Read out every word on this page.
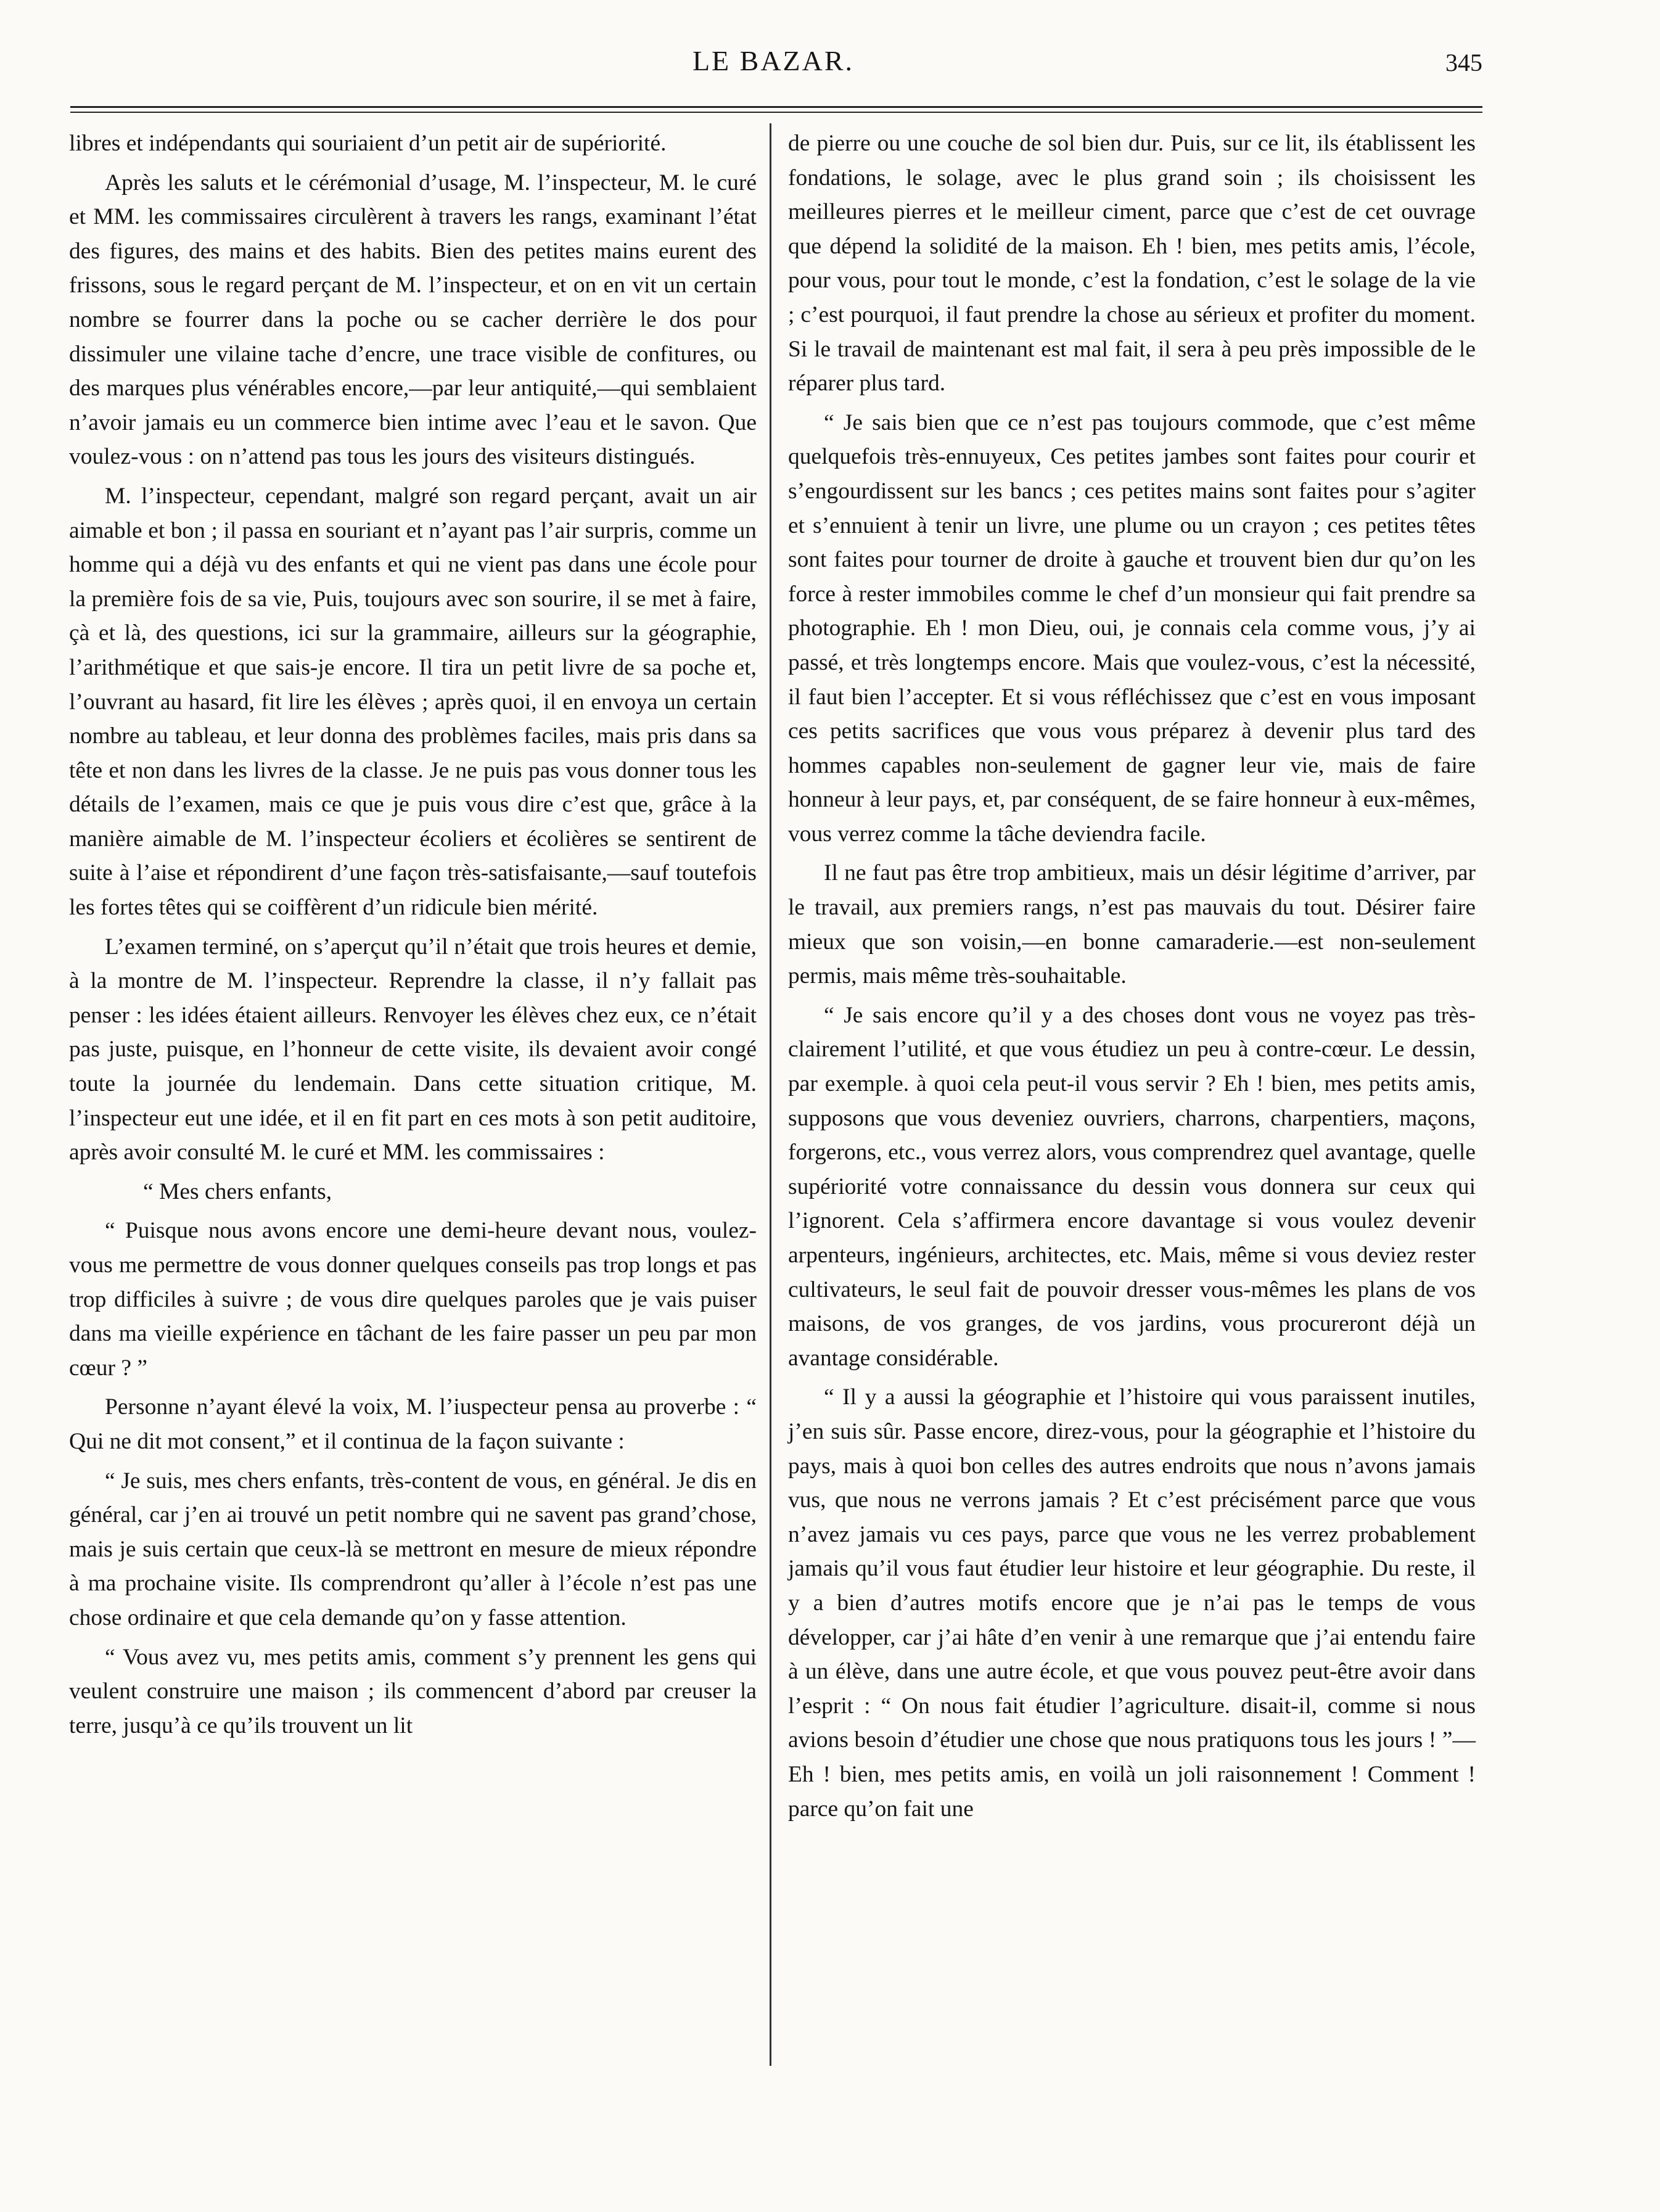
LE BAZAR.	345

libres et indépendants qui souriaient d’un petit air de supériorité.

Après les saluts et le cérémonial d’usage, M. l’inspecteur, M. le curé et MM. les commissaires circulèrent à travers les rangs, examinant l’état des figures, des mains et des habits. Bien des petites mains eurent des frissons, sous le regard perçant de M. l’inspecteur, et on en vit un certain nombre se fourrer dans la poche ou se cacher derrière le dos pour dissimuler une vilaine tache d’encre, une trace visible de confitures, ou des marques plus vénérables encore,—par leur antiquité,—qui semblaient n’avoir jamais eu un commerce bien intime avec l’eau et le savon. Que voulez-vous : on n’attend pas tous les jours des visiteurs distingués.

M. l’inspecteur, cependant, malgré son regard perçant, avait un air aimable et bon ; il passa en souriant et n’ayant pas l’air surpris, comme un homme qui a déjà vu des enfants et qui ne vient pas dans une école pour la première fois de sa vie, Puis, toujours avec son sourire, il se met à faire, çà et là, des questions, ici sur la grammaire, ailleurs sur la géographie, l’arithmétique et que sais-je encore. Il tira un petit livre de sa poche et, l’ouvrant au hasard, fit lire les élèves ; après quoi, il en envoya un certain nombre au tableau, et leur donna des problèmes faciles, mais pris dans sa tête et non dans les livres de la classe. Je ne puis pas vous donner tous les détails de l’examen, mais ce que je puis vous dire c’est que, grâce à la manière aimable de M. l’inspecteur écoliers et écolières se sentirent de suite à l’aise et répondirent d’une façon très-satisfaisante,—sauf toutefois les fortes têtes qui se coiffèrent d’un ridicule bien mérité.

L’examen terminé, on s’aperçut qu’il n’était que trois heures et demie, à la montre de M. l’inspecteur. Reprendre la classe, il n’y fallait pas penser : les idées étaient ailleurs. Renvoyer les élèves chez eux, ce n’était pas juste, puisque, en l’honneur de cette visite, ils devaient avoir congé toute la journée du lendemain. Dans cette situation critique, M. l’inspecteur eut une idée, et il en fit part en ces mots à son petit auditoire, après avoir consulté M. le curé et MM. les commissaires :

“ Mes chers enfants,

“ Puisque nous avons encore une demi-heure devant nous, voulez-vous me permettre de vous donner quelques conseils pas trop longs et pas trop difficiles à suivre ; de vous dire quelques paroles que je vais puiser dans ma vieille expérience en tâchant de les faire passer un peu par mon cœur ? ”

Personne n’ayant élevé la voix, M. l’iuspecteur pensa au proverbe : “ Qui ne dit mot consent,” et il continua de la façon suivante :

“ Je suis, mes chers enfants, très-content de vous, en général. Je dis en général, car j’en ai trouvé un petit nombre qui ne savent pas grand’chose, mais je suis certain que ceux-là se mettront en mesure de mieux répondre à ma prochaine visite. Ils comprendront qu’aller à l’école n’est pas une chose ordinaire et que cela demande qu’on y fasse attention.

“ Vous avez vu, mes petits amis, comment s’y prennent les gens qui veulent construire une maison ; ils commencent d’abord par creuser la terre, jusqu’à ce qu’ils trouvent un lit

de pierre ou une couche de sol bien dur. Puis, sur ce lit, ils établissent les fondations, le solage, avec le plus grand soin ; ils choisissent les meilleures pierres et le meilleur ciment, parce que c’est de cet ouvrage que dépend la solidité de la maison. Eh ! bien, mes petits amis, l’école, pour vous, pour tout le monde, c’est la fondation, c’est le solage de la vie ; c’est pourquoi, il faut prendre la chose au sérieux et profiter du moment. Si le travail de maintenant est mal fait, il sera à peu près impossible de le réparer plus tard.

“ Je sais bien que ce n’est pas toujours commode, que c’est même quelquefois très-ennuyeux, Ces petites jambes sont faites pour courir et s’engourdissent sur les bancs ; ces petites mains sont faites pour s’agiter et s’ennuient à tenir un livre, une plume ou un crayon ; ces petites têtes sont faites pour tourner de droite à gauche et trouvent bien dur qu’on les force à rester immobiles comme le chef d’un monsieur qui fait prendre sa photographie. Eh ! mon Dieu, oui, je connais cela comme vous, j’y ai passé, et très longtemps encore. Mais que voulez-vous, c’est la nécessité, il faut bien l’accepter. Et si vous réfléchissez que c’est en vous imposant ces petits sacrifices que vous vous préparez à devenir plus tard des hommes capables non-seulement de gagner leur vie, mais de faire honneur à leur pays, et, par conséquent, de se faire honneur à eux-mêmes, vous verrez comme la tâche deviendra facile.

Il ne faut pas être trop ambitieux, mais un désir légitime d’arriver, par le travail, aux premiers rangs, n’est pas mauvais du tout. Désirer faire mieux que son voisin,—en bonne camaraderie.—est non-seulement permis, mais même très-souhaitable.

“ Je sais encore qu’il y a des choses dont vous ne voyez pas très-clairement l’utilité, et que vous étudiez un peu à contre-cœur. Le dessin, par exemple. à quoi cela peut-il vous servir ? Eh ! bien, mes petits amis, supposons que vous deveniez ouvriers, charrons, charpentiers, maçons, forgerons, etc., vous verrez alors, vous comprendrez quel avantage, quelle supériorité votre connaissance du dessin vous donnera sur ceux qui l’ignorent. Cela s’affirmera encore davantage si vous voulez devenir arpenteurs, ingénieurs, architectes, etc. Mais, même si vous deviez rester cultivateurs, le seul fait de pouvoir dresser vous-mêmes les plans de vos maisons, de vos granges, de vos jardins, vous procureront déjà un avantage considérable.

“ Il y a aussi la géographie et l’histoire qui vous paraissent inutiles, j’en suis sûr. Passe encore, direz-vous, pour la géographie et l’histoire du pays, mais à quoi bon celles des autres endroits que nous n’avons jamais vus, que nous ne verrons jamais ? Et c’est précisément parce que vous n’avez jamais vu ces pays, parce que vous ne les verrez probablement jamais qu’il vous faut étudier leur histoire et leur géographie. Du reste, il y a bien d’autres motifs encore que je n’ai pas le temps de vous développer, car j’ai hâte d’en venir à une remarque que j’ai entendu faire à un élève, dans une autre école, et que vous pouvez peut-être avoir dans l’esprit : “ On nous fait étudier l’agriculture. disait-il, comme si nous avions besoin d’étudier une chose que nous pratiquons tous les jours ! ”—Eh ! bien, mes petits amis, en voilà un joli raisonnement ! Comment ! parce qu’on fait une
